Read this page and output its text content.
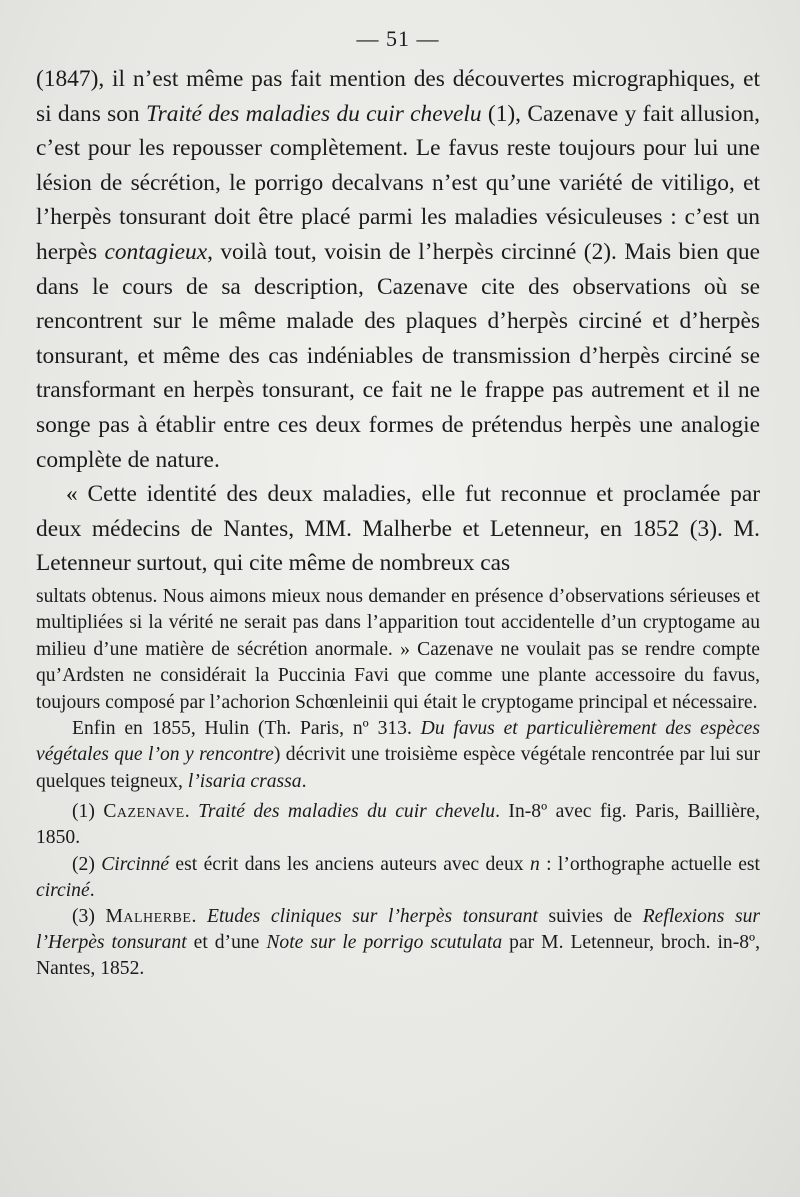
— 51 —

(1847), il n’est même pas fait mention des découvertes micrographiques, et si dans son Traité des maladies du cuir chevelu (1), Cazenave y fait allusion, c’est pour les repousser complètement. Le favus reste toujours pour lui une lésion de sécrétion, le porrigo decalvans n’est qu’une variété de vitiligo, et l’herpès tonsurant doit être placé parmi les maladies vésiculeuses : c’est un herpès contagieux, voilà tout, voisin de l’herpès circinné (2). Mais bien que dans le cours de sa description, Cazenave cite des observations où se rencontrent sur le même malade des plaques d’herpès circiné et d’herpès tonsurant, et même des cas indéniables de transmission d’herpès circiné se transformant en herpès tonsurant, ce fait ne le frappe pas autrement et il ne songe pas à établir entre ces deux formes de prétendus herpès une analogie complète de nature.

« Cette identité des deux maladies, elle fut reconnue et proclamée par deux médecins de Nantes, MM. Malherbe et Letenneur, en 1852 (3). M. Letenneur surtout, qui cite même de nombreux cas

sultats obtenus. Nous aimons mieux nous demander en présence d’observations sérieuses et multipliées si la vérité ne serait pas dans l’apparition tout accidentelle d’un cryptogame au milieu d’une matière de sécrétion anormale. » Cazenave ne voulait pas se rendre compte qu’Ardsten ne considérait la Puccinia Favi que comme une plante accessoire du favus, toujours composé par l’achorion Schœnleinii qui était le cryptogame principal et nécessaire.

Enfin en 1855, Hulin (Th. Paris, nº 313. Du favus et particulièrement des espèces végétales que l’on y rencontre) décrivit une troisième espèce végétale rencontrée par lui sur quelques teigneux, l’isaria crassa.

(1) Cazenave. Traité des maladies du cuir chevelu. In-8º avec fig. Paris, Baillière, 1850.

(2) Circinné est écrit dans les anciens auteurs avec deux n : l’orthographe actuelle est circiné.

(3) Malherbe. Etudes cliniques sur l’herpès tonsurant suivies de Reflexions sur l’Herpès tonsurant et d’une Note sur le porrigo scutulata par M. Letenneur, broch. in-8º, Nantes, 1852.
